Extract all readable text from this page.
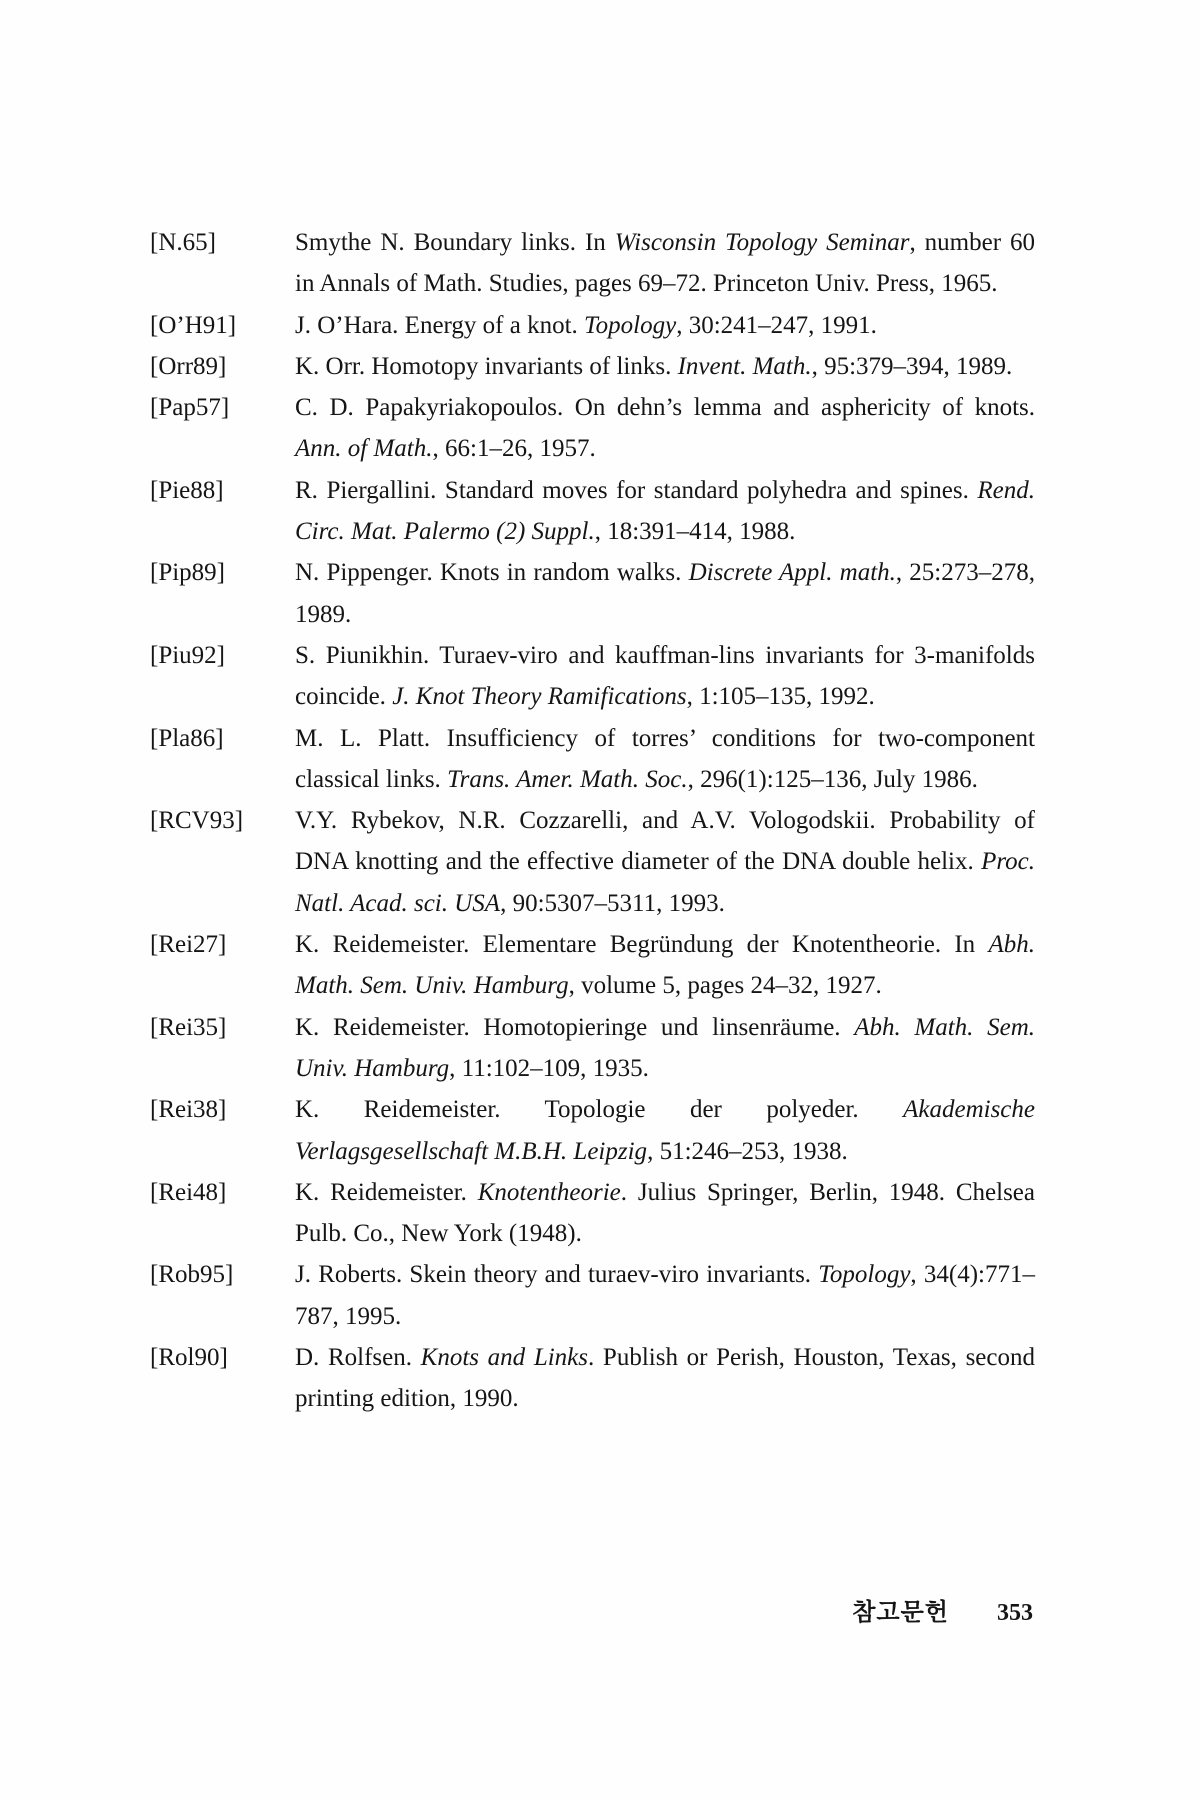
[N.65]	Smythe N. Boundary links. In Wisconsin Topology Seminar, number 60 in Annals of Math. Studies, pages 69–72. Princeton Univ. Press, 1965.
[O’H91]	J. O’Hara. Energy of a knot. Topology, 30:241–247, 1991.
[Orr89]	K. Orr. Homotopy invariants of links. Invent. Math., 95:379–394, 1989.
[Pap57]	C. D. Papakyriakopoulos. On dehn’s lemma and asphericity of knots. Ann. of Math., 66:1–26, 1957.
[Pie88]	R. Piergallini. Standard moves for standard polyhedra and spines. Rend. Circ. Mat. Palermo (2) Suppl., 18:391–414, 1988.
[Pip89]	N. Pippenger. Knots in random walks. Discrete Appl. math., 25:273–278, 1989.
[Piu92]	S. Piunikhin. Turaev-viro and kauffman-lins invariants for 3-manifolds coincide. J. Knot Theory Ramifications, 1:105–135, 1992.
[Pla86]	M. L. Platt. Insufficiency of torres’ conditions for two-component classical links. Trans. Amer. Math. Soc., 296(1):125–136, July 1986.
[RCV93]	V.Y. Rybekov, N.R. Cozzarelli, and A.V. Vologodskii. Probability of DNA knotting and the effective diameter of the DNA double helix. Proc. Natl. Acad. sci. USA, 90:5307–5311, 1993.
[Rei27]	K. Reidemeister. Elementare Begründung der Knotentheorie. In Abh. Math. Sem. Univ. Hamburg, volume 5, pages 24–32, 1927.
[Rei35]	K. Reidemeister. Homotopieringe und linsenräume. Abh. Math. Sem. Univ. Hamburg, 11:102–109, 1935.
[Rei38]	K. Reidemeister. Topologie der polyeder. Akademische Verlagsgesellschaft M.B.H. Leipzig, 51:246–253, 1938.
[Rei48]	K. Reidemeister. Knotentheorie. Julius Springer, Berlin, 1948. Chelsea Pulb. Co., New York (1948).
[Rob95]	J. Roberts. Skein theory and turaev-viro invariants. Topology, 34(4):771–787, 1995.
[Rol90]	D. Rolfsen. Knots and Links. Publish or Perish, Houston, Texas, second printing edition, 1990.
참고문헌 353
